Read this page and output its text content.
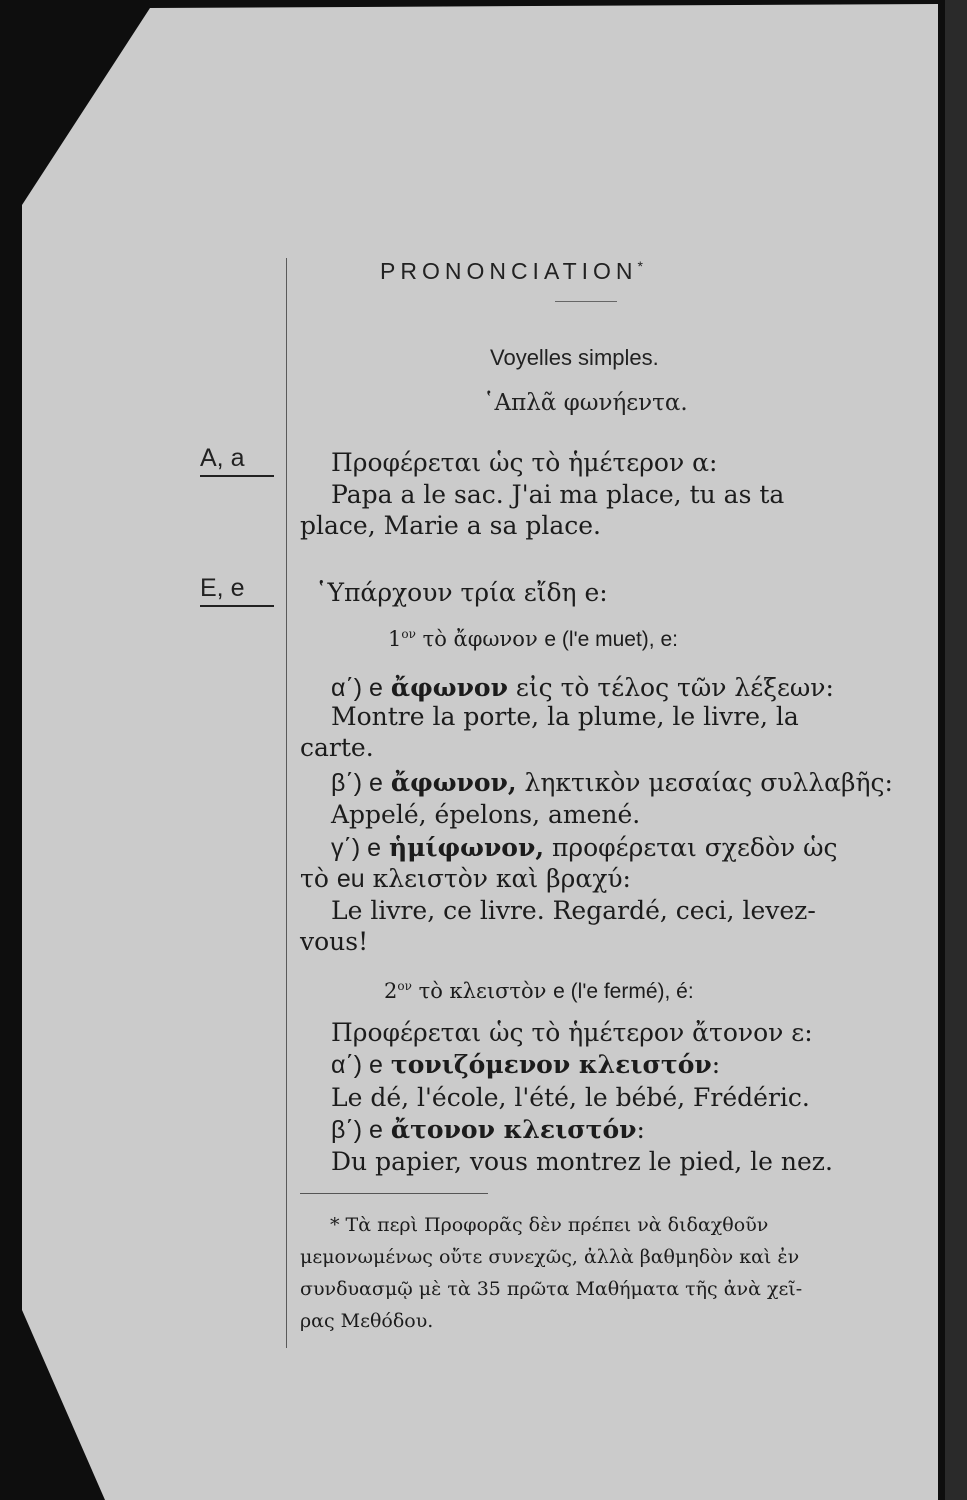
PRONONCIATION*
Voyelles simples.
῾Απλᾶ φωνήεντα.
A, a	Προφέρεται ὡς τὸ ἡμέτερον α:
Papa a le sac. J'ai ma place, tu as ta
place, Marie a sa place.
E, e	῾Υπάρχουν τρία εἴδη e:
$1^{o\nu}$ τὸ ἄφωνον e (l'e muet), e:
α΄) e ἄφωνον εἰς τὸ τέλος τῶν λέξεων:
Montre la porte, la plume, le livre, la
carte.
β΄) e ἄφωνον, ληκτικὸν μεσαίας συλλαβῆς:
Appelé, épelons, amené.
γ΄) e ἡμίφωνον, προφέρεται σχεδὸν ὡς
τὸ eu κλειστὸν καὶ βραχύ:
Le livre, ce livre. Regardé, ceci, levez-
vous!
$2^{o\nu}$ τὸ κλειστὸν e (l'e fermé), é:
Προφέρεται ὡς τὸ ἡμέτερον ἄτονον ε:
α΄) e τονιζόμενον κλειστόν:
Le dé, l'école, l'été, le bébé, Frédéric.
β΄) e ἄτονον κλειστόν:
Du papier, vous montrez le pied, le nez.
* Τὰ περὶ Προφορᾶς δὲν πρέπει νὰ διδαχθοῦν
μεμονωμένως οὔτε συνεχῶς, ἀλλὰ βαθμηδὸν καὶ ἐν
συνδυασμῷ μὲ τὰ 35 πρῶτα Μαθήματα τῆς ἀνὰ χεῖ-
ρας Μεθόδου.
